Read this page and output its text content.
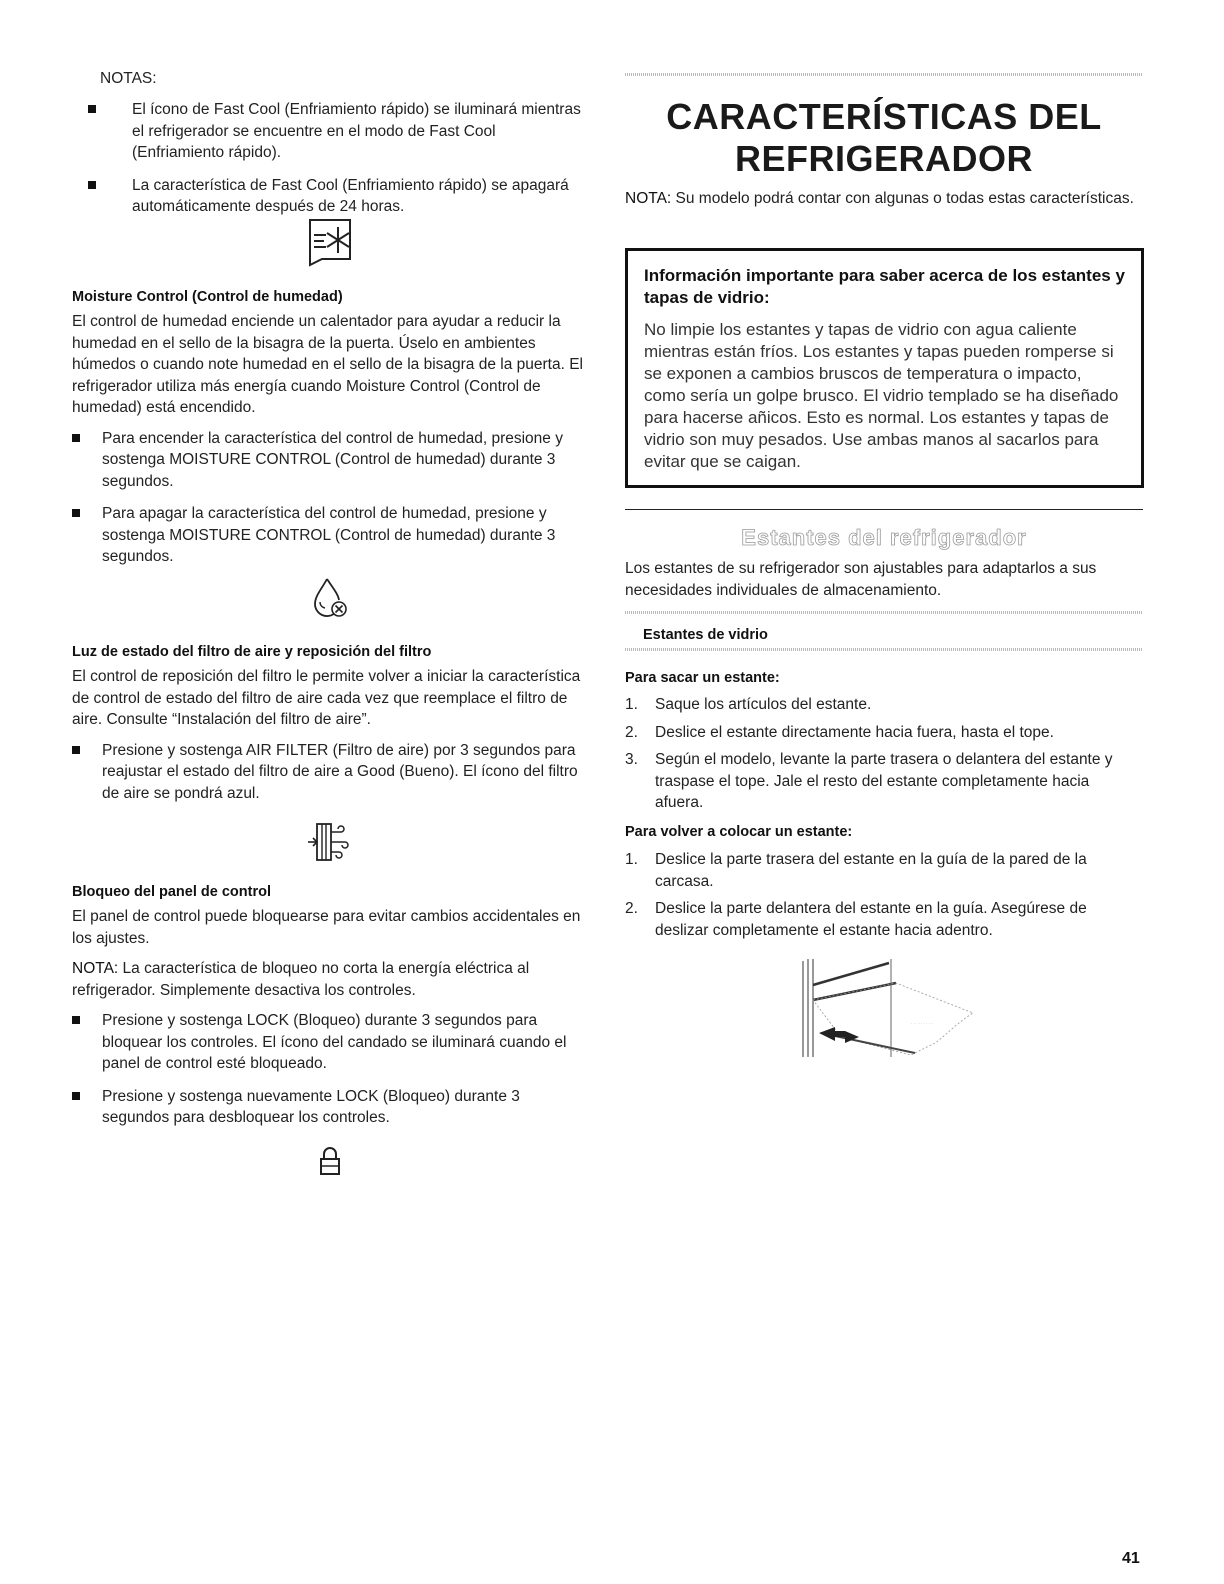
NOTAS:

El ícono de Fast Cool (Enfriamiento rápido) se iluminará mientras el refrigerador se encuentre en el modo de Fast Cool (Enfriamiento rápido).
La característica de Fast Cool (Enfriamiento rápido) se apagará automáticamente después de 24 horas.
Moisture Control (Control de humedad)

El control de humedad enciende un calentador para ayudar a reducir la humedad en el sello de la bisagra de la puerta. Úselo en ambientes húmedos o cuando note humedad en el sello de la bisagra de la puerta. El refrigerador utiliza más energía cuando Moisture Control (Control de humedad) está encendido.

Para encender la característica del control de humedad, presione y sostenga MOISTURE CONTROL (Control de humedad) durante 3 segundos.
Para apagar la característica del control de humedad, presione y sostenga MOISTURE CONTROL (Control de humedad) durante 3 segundos.
Luz de estado del filtro de aire y reposición del filtro

El control de reposición del filtro le permite volver a iniciar la característica de control de estado del filtro de aire cada vez que reemplace el filtro de aire. Consulte “Instalación del filtro de aire”.

Presione y sostenga AIR FILTER (Filtro de aire) por 3 segundos para reajustar el estado del filtro de aire a Good (Bueno). El ícono del filtro de aire se pondrá azul.
Bloqueo del panel de control

El panel de control puede bloquearse para evitar cambios accidentales en los ajustes.

NOTA: La característica de bloqueo no corta la energía eléctrica al refrigerador. Simplemente desactiva los controles.

Presione y sostenga LOCK (Bloqueo) durante 3 segundos para bloquear los controles. El ícono del candado se iluminará cuando el panel de control esté bloqueado.
Presione y sostenga nuevamente LOCK (Bloqueo) durante 3 segundos para desbloquear los controles.
CARACTERÍSTICAS DEL
REFRIGERADOR

NOTA: Su modelo podrá contar con algunas o todas estas características.

Información importante para saber acerca de los estantes y tapas de vidrio:
No limpie los estantes y tapas de vidrio con agua caliente mientras están fríos. Los estantes y tapas pueden romperse si se exponen a cambios bruscos de temperatura o impacto, como sería un golpe brusco. El vidrio templado se ha diseñado para hacerse añicos. Esto es normal. Los estantes y tapas de vidrio son muy pesados. Use ambas manos al sacarlos para evitar que se caigan.
Estantes del refrigerador

Los estantes de su refrigerador son ajustables para adaptarlos a sus necesidades individuales de almacenamiento.

Estantes de vidrio
Para sacar un estante:
1. Saque los artículos del estante.
2. Deslice el estante directamente hacia fuera, hasta el tope.
3. Según el modelo, levante la parte trasera o delantera del estante y traspase el tope. Jale el resto del estante completamente hacia afuera.
Para volver a colocar un estante:
1. Deslice la parte trasera del estante en la guía de la pared de la carcasa.
2. Deslice la parte delantera del estante en la guía. Asegúrese de deslizar completamente el estante hacia adentro.
· · · · · · · · ·
41
